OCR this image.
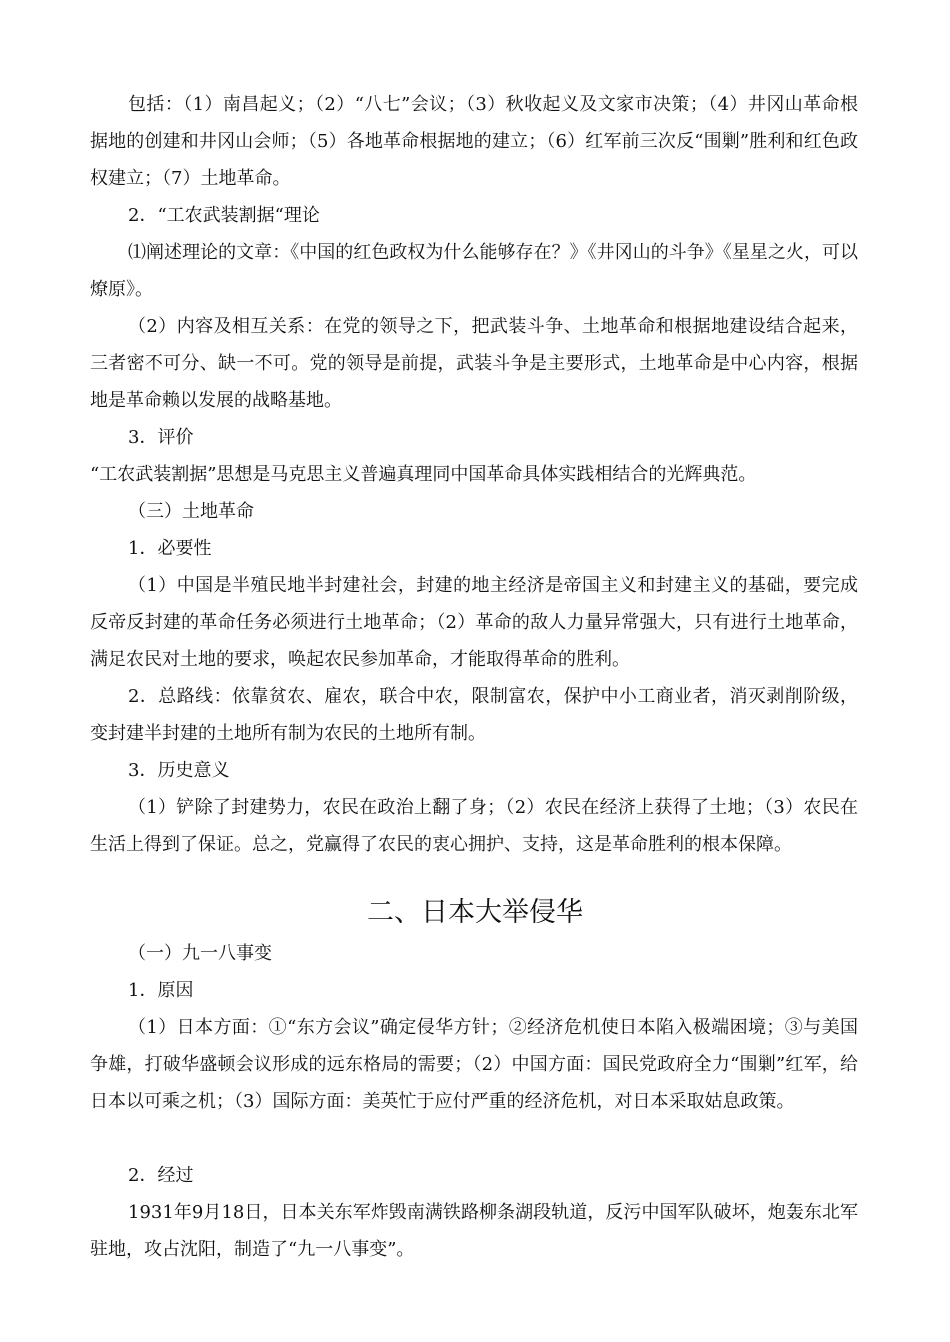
包括：（1）南昌起义；（2）“八七”会议；（3）秋收起义及文家市决策；（4）井冈山革命根据地的创建和井冈山会师；（5）各地革命根据地的建立；（6）红军前三次反“围剿”胜利和红色政权建立；（7）土地革命。

2．“工农武装割据“理论

⑴阐述理论的文章：《中国的红色政权为什么能够存在？》《井冈山的斗争》《星星之火，可以燎原》。

（2）内容及相互关系：在党的领导之下，把武装斗争、土地革命和根据地建设结合起来，三者密不可分、缺一不可。党的领导是前提，武装斗争是主要形式，土地革命是中心内容，根据地是革命赖以发展的战略基地。

3．评价

“工农武装割据”思想是马克思主义普遍真理同中国革命具体实践相结合的光辉典范。

（三）土地革命

1．必要性

（1）中国是半殖民地半封建社会，封建的地主经济是帝国主义和封建主义的基础，要完成反帝反封建的革命任务必须进行土地革命；（2）革命的敌人力量异常强大，只有进行土地革命，满足农民对土地的要求，唤起农民参加革命，才能取得革命的胜利。

2．总路线：依靠贫农、雇农，联合中农，限制富农，保护中小工商业者，消灭剥削阶级，变封建半封建的土地所有制为农民的土地所有制。

3．历史意义

（1）铲除了封建势力，农民在政治上翻了身；（2）农民在经济上获得了土地；（3）农民在生活上得到了保证。总之，党赢得了农民的衷心拥护、支持，这是革命胜利的根本保障。

二、日本大举侵华

（一）九一八事变

1．原因

（1）日本方面：①“东方会议”确定侵华方针；②经济危机使日本陷入极端困境；③与美国争雄，打破华盛顿会议形成的远东格局的需要；（2）中国方面：国民党政府全力“围剿”红军，给日本以可乘之机；（3）国际方面：美英忙于应付严重的经济危机，对日本采取姑息政策。

2．经过

1931年9月18日，日本关东军炸毁南满铁路柳条湖段轨道，反污中国军队破坏，炮轰东北军驻地，攻占沈阳，制造了“九一八事变”。
